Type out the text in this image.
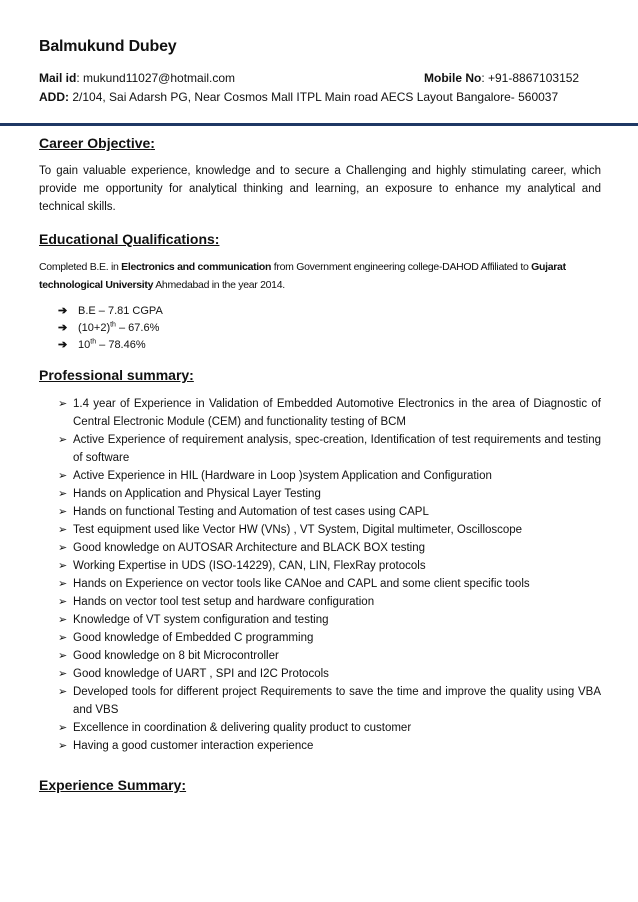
Balmukund Dubey
Mail id: mukund11027@hotmail.com	Mobile No: +91-8867103152
ADD: 2/104, Sai Adarsh PG, Near Cosmos Mall ITPL Main road AECS Layout Bangalore- 560037
Career Objective:
To gain valuable experience, knowledge and to secure a Challenging and highly stimulating career, which provide me opportunity for analytical thinking and learning, an exposure to enhance my analytical and technical skills.
Educational Qualifications:
Completed B.E. in Electronics and communication from Government engineering college-DAHOD Affiliated to Gujarat technological University Ahmedabad in the year 2014.
➔ B.E – 7.81 CGPA
➔ $(10+2)^{th} - 67.6\%$
➔ 10th – 78.46%
Professional summary:
➢ 1.4 year of Experience in Validation of Embedded Automotive Electronics in the area of Diagnostic of Central Electronic Module (CEM) and functionality testing of BCM
➢ Active Experience of requirement analysis, spec-creation, Identification of test requirements and testing of software
➢ Active Experience in HIL (Hardware in Loop )system Application and Configuration
➢ Hands on Application and Physical Layer Testing
➢ Hands on functional Testing and Automation of test cases using CAPL
➢ Test equipment used like Vector HW (VNs) , VT System, Digital multimeter, Oscilloscope
➢ Good knowledge on AUTOSAR Architecture and BLACK BOX testing
➢ Working Expertise in UDS (ISO-14229), CAN, LIN, FlexRay protocols
➢ Hands on Experience on vector tools like CANoe and CAPL and some client specific tools
➢ Hands on vector tool test setup and hardware configuration
➢ Knowledge of VT system configuration and testing
➢ Good knowledge of Embedded C programming
➢ Good knowledge on 8 bit Microcontroller
➢ Good knowledge of UART , SPI and I2C Protocols
➢ Developed tools for different project Requirements to save the time and improve the quality using VBA and VBS
➢ Excellence in coordination & delivering quality product to customer
➢ Having a good customer interaction experience
Experience Summary:
